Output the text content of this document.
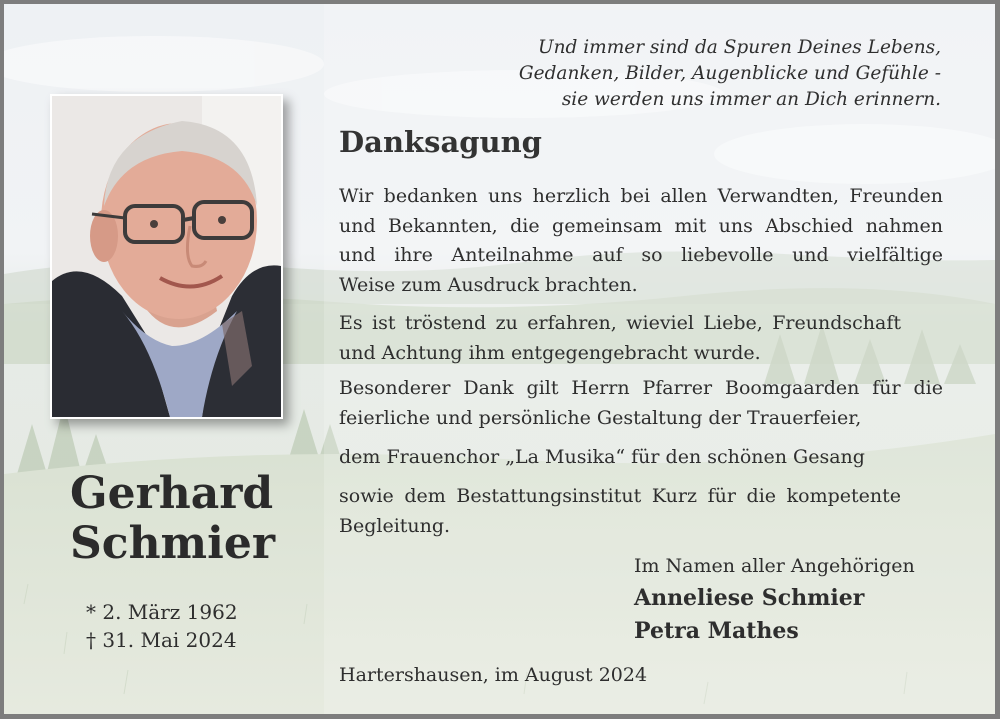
Und immer sind da Spuren Deines Lebens,
Gedanken, Bilder, Augenblicke und Gefühle -
sie werden uns immer an Dich erinnern.
Danksagung
Wir bedanken uns herzlich bei allen Verwandten, Freunden
und Bekannten, die gemeinsam mit uns Abschied nahmen
und ihre Anteilnahme auf so liebevolle und vielfältige
Weise zum Ausdruck brachten.
Es ist tröstend zu erfahren, wieviel Liebe, Freundschaft
und Achtung ihm entgegengebracht wurde.
Besonderer Dank gilt Herrn Pfarrer Boomgaarden für die
feierliche und persönliche Gestaltung der Trauerfeier,
dem Frauenchor „La Musika“ für den schönen Gesang
sowie dem Bestattungsinstitut Kurz für die kompetente
Begleitung.
Gerhard
Schmier
* 2. März 1962
† 31. Mai 2024
Im Namen aller Angehörigen
Anneliese Schmier
Petra Mathes
Hartershausen, im August 2024
